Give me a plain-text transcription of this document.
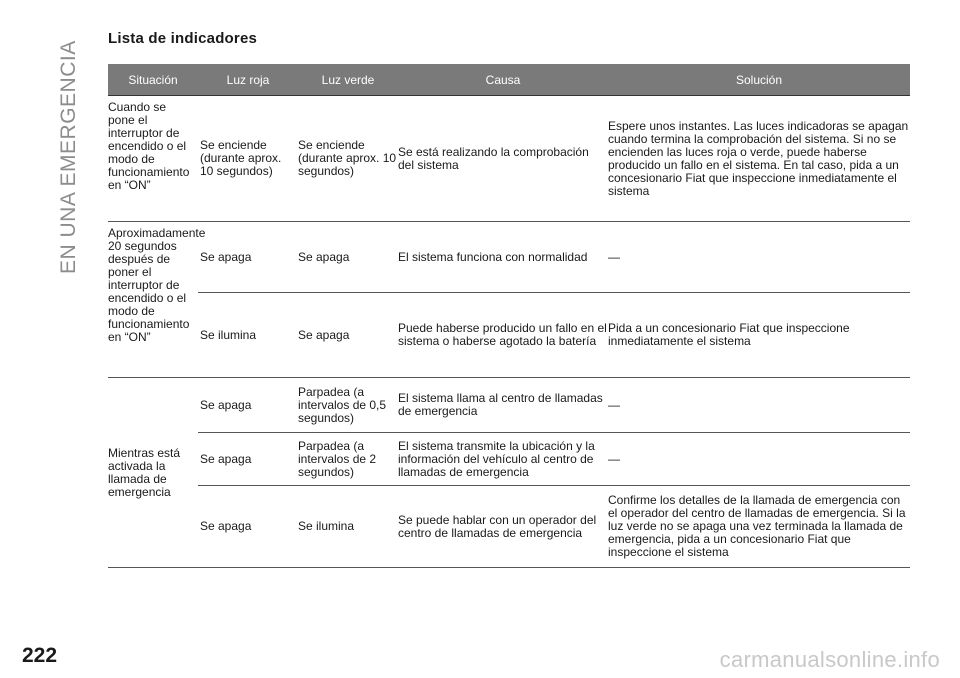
EN UNA EMERGENCIA
Lista de indicadores
Situación	Luz roja	Luz verde	Causa	Solución
Cuando se pone el interruptor de encendido o el modo de funcionamiento en “ON”	Se enciende (durante aprox. 10 segundos)	Se enciende (durante aprox. 10 segundos)	Se está realizando la comprobación del sistema	Espere unos instantes. Las luces indicadoras se apagan cuando termina la comprobación del sistema. Si no se encienden las luces roja o verde, puede haberse producido un fallo en el sistema. En tal caso, pida a un concesionario Fiat que inspeccione inmediatamente el sistema
Aproximadamente 20 segundos después de poner el interruptor de encendido o el modo de funcionamiento en “ON”	Se apaga	Se apaga	El sistema funciona con normalidad	—
	Se ilumina	Se apaga	Puede haberse producido un fallo en el sistema o haberse agotado la batería	Pida a un concesionario Fiat que inspeccione inmediatamente el sistema
Mientras está activada la llamada de emergencia	Se apaga	Parpadea (a intervalos de 0,5 segundos)	El sistema llama al centro de llamadas de emergencia	—
	Se apaga	Parpadea (a intervalos de 2 segundos)	El sistema transmite la ubicación y la información del vehículo al centro de llamadas de emergencia	—
	Se apaga	Se ilumina	Se puede hablar con un operador del centro de llamadas de emergencia	Confirme los detalles de la llamada de emergencia con el operador del centro de llamadas de emergencia. Si la luz verde no se apaga una vez terminada la llamada de emergencia, pida a un concesionario Fiat que inspeccione el sistema
222	carmanualsonline.info
